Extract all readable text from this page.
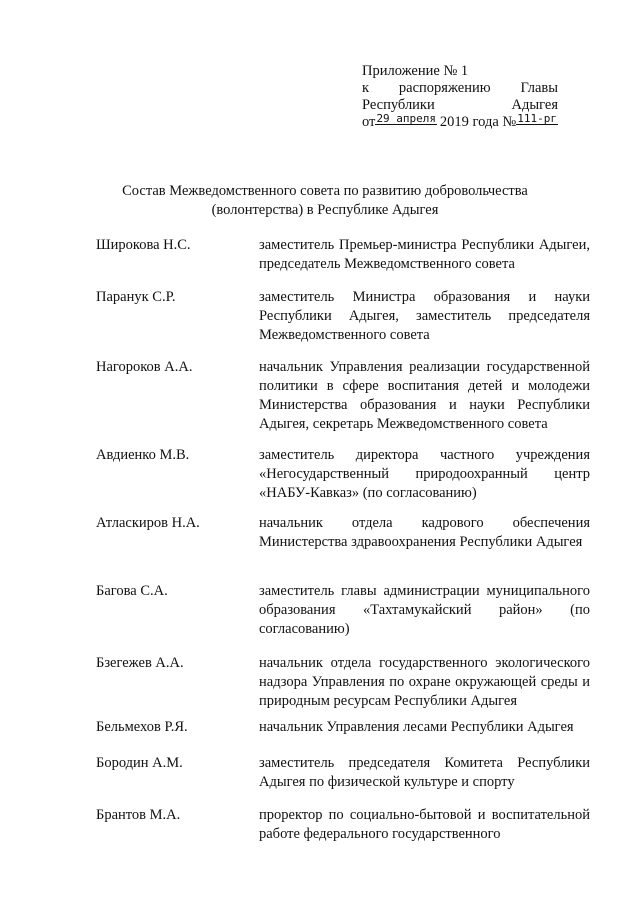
Приложение № 1
к распоряжению Главы
Республики	Адыгея
от 29 апреля 2019 года № 111-рг
Состав Межведомственного совета по развитию добровольчества
(волонтерства) в Республике Адыгея
Широкова Н.С.	заместитель Премьер-министра Республики Адыгеи, председатель Межведомственного совета
Паранук С.Р.	заместитель Министра образования и науки Республики Адыгея, заместитель председателя Межведомственного совета
Нагороков А.А.	начальник Управления реализации государственной политики в сфере воспитания детей и молодежи Министерства образования и науки Республики Адыгея, секретарь Межведомственного совета
Авдиенко М.В.	заместитель директора частного учреждения «Негосударственный природоохранный центр «НАБУ-Кавказ» (по согласованию)
Атласкиров Н.А.	начальник отдела кадрового обеспечения Министерства здравоохранения Республики Адыгея
Багова С.А.	заместитель главы администрации муниципального образования «Тахтамукайский район» (по согласованию)
Бзегежев А.А.	начальник отдела государственного экологического надзора Управления по охране окружающей среды и природным ресурсам Республики Адыгея
Бельмехов Р.Я.	начальник Управления лесами Республики Адыгея
Бородин А.М.	заместитель председателя Комитета Республики Адыгея по физической культуре и спорту
Брантов М.А.	проректор по социально-бытовой и воспитательной работе федерального государственного
